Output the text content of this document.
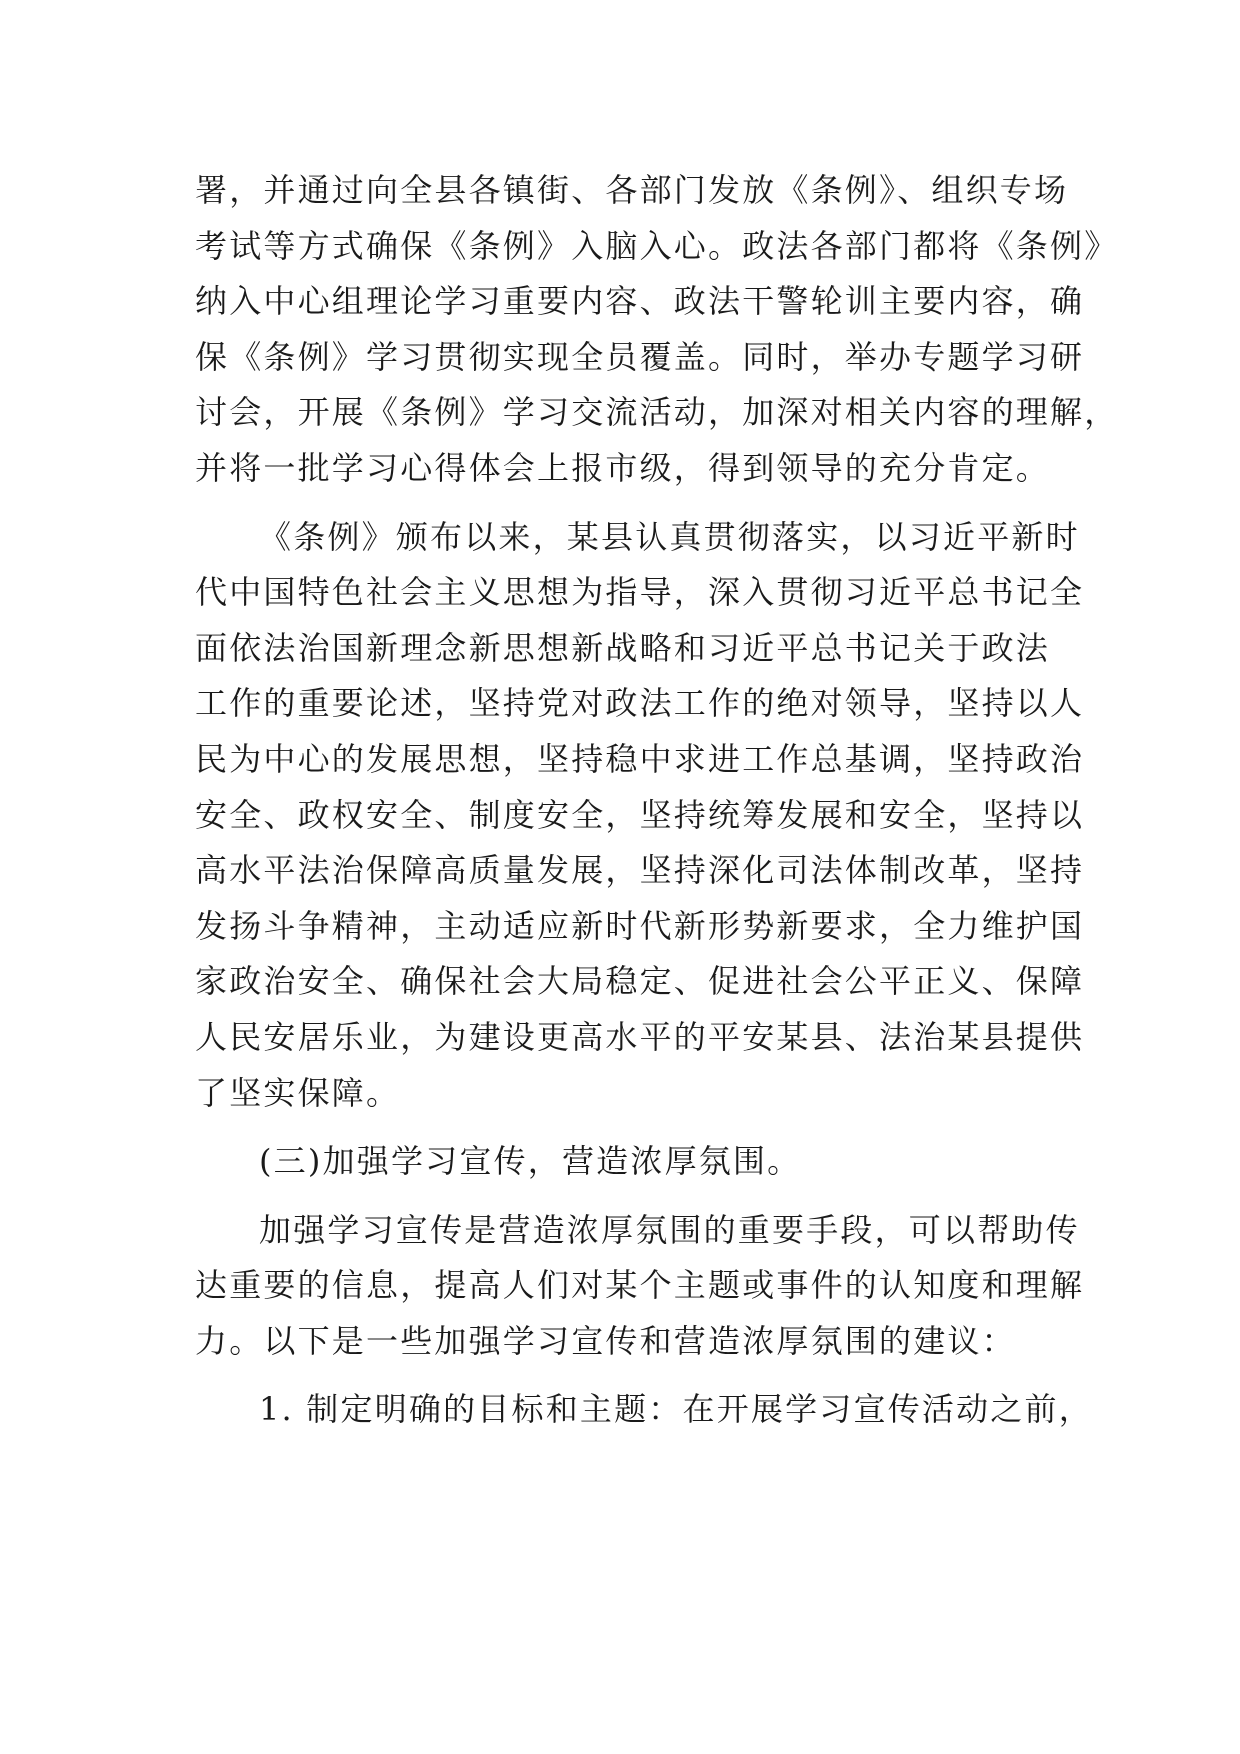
署，并通过向全县各镇街、各部门发放《条例》、组织专场
考试等方式确保《条例》入脑入心。政法各部门都将《条例》
纳入中心组理论学习重要内容、政法干警轮训主要内容，确
保《条例》学习贯彻实现全员覆盖。同时，举办专题学习研
讨会，开展《条例》学习交流活动，加深对相关内容的理解，
并将一批学习心得体会上报市级，得到领导的充分肯定。

《条例》颁布以来，某县认真贯彻落实，以习近平新时
代中国特色社会主义思想为指导，深入贯彻习近平总书记全
面依法治国新理念新思想新战略和习近平总书记关于政法
工作的重要论述，坚持党对政法工作的绝对领导，坚持以人
民为中心的发展思想，坚持稳中求进工作总基调，坚持政治
安全、政权安全、制度安全，坚持统筹发展和安全，坚持以
高水平法治保障高质量发展，坚持深化司法体制改革，坚持
发扬斗争精神，主动适应新时代新形势新要求，全力维护国
家政治安全、确保社会大局稳定、促进社会公平正义、保障
人民安居乐业，为建设更高水平的平安某县、法治某县提供
了坚实保障。

(三)加强学习宣传，营造浓厚氛围。

加强学习宣传是营造浓厚氛围的重要手段，可以帮助传
达重要的信息，提高人们对某个主题或事件的认知度和理解
力。以下是一些加强学习宣传和营造浓厚氛围的建议：

1. 制定明确的目标和主题：在开展学习宣传活动之前，
